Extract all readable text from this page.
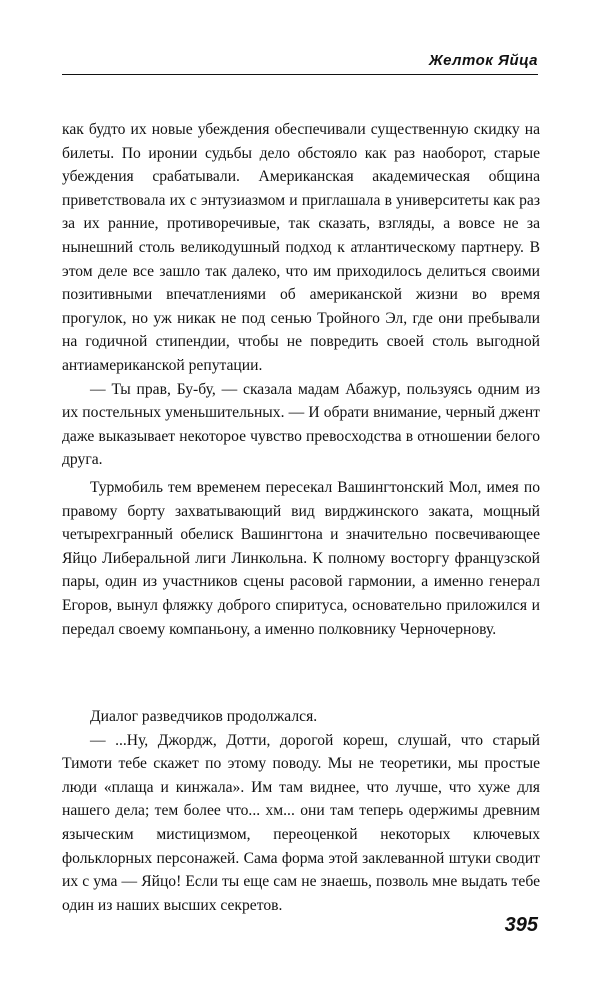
Желток Яйца

как будто их новые убеждения обеспечивали существенную скидку на билеты. По иронии судьбы дело обстояло как раз наоборот, старые убеждения срабатывали. Американская академическая община приветствовала их с энтузиазмом и приглашала в университеты как раз за их ранние, противоречивые, так сказать, взгляды, а вовсе не за нынешний столь великодушный подход к атлантическому партнеру. В этом деле все зашло так далеко, что им приходилось делиться своими позитивными впечатлениями об американской жизни во время прогулок, но уж никак не под сенью Тройного Эл, где они пребывали на годичной стипендии, чтобы не повредить своей столь выгодной антиамериканской репутации.

— Ты прав, Бу-бу, — сказала мадам Абажур, пользуясь одним из их постельных уменьшительных. — И обрати внимание, черный джент даже выказывает некоторое чувство превосходства в отношении белого друга.

Турмобиль тем временем пересекал Вашингтонский Мол, имея по правому борту захватывающий вид вирджинского заката, мощный четырехгранный обелиск Вашингтона и значительно посвечивающее Яйцо Либеральной лиги Линкольна. К полному восторгу французской пары, один из участников сцены расовой гармонии, а именно генерал Егоров, вынул фляжку доброго спиритуса, основательно приложился и передал своему компаньону, а именно полковнику Черночернову.

Диалог разведчиков продолжался.

— ...Ну, Джордж, Дотти, дорогой кореш, слушай, что старый Тимоти тебе скажет по этому поводу. Мы не теоретики, мы простые люди «плаща и кинжала». Им там виднее, что лучше, что хуже для нашего дела; тем более что... хм... они там теперь одержимы древним языческим мистицизмом, переоценкой некоторых ключевых фольклорных персонажей. Сама форма этой заклеванной штуки сводит их с ума — Яйцо! Если ты еще сам не знаешь, позволь мне выдать тебе один из наших высших секретов.

395
